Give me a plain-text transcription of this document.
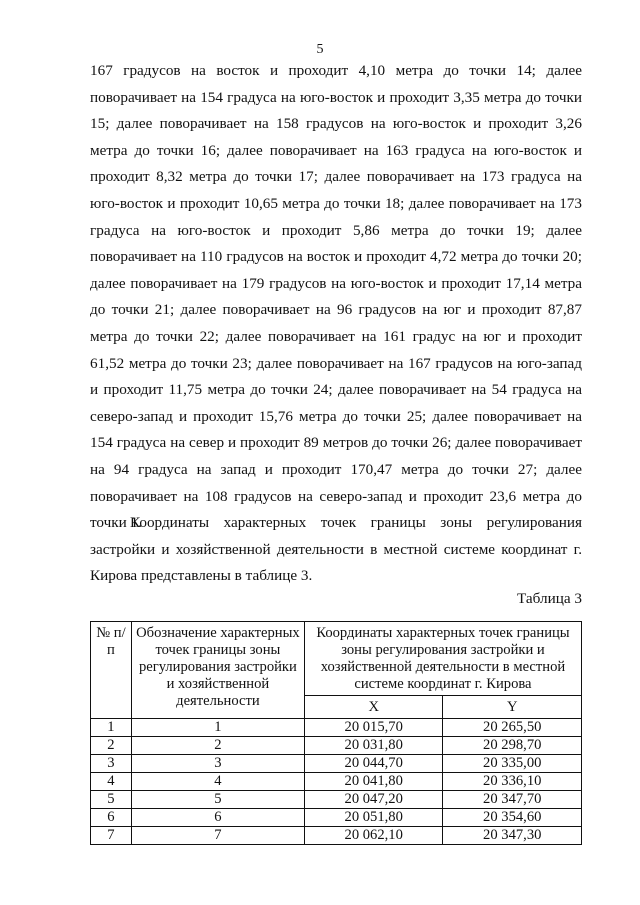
5

167 градусов на восток и проходит 4,10 метра до точки 14; далее поворачивает на 154 градуса на юго-восток и проходит 3,35 метра до точки 15; далее поворачивает на 158 градусов на юго-восток и проходит 3,26 метра до точки 16; далее поворачивает на 163 градуса на юго-восток и проходит 8,32 метра до точки 17; далее поворачивает на 173 градуса на юго-восток и проходит 10,65 метра до точки 18; далее поворачивает на 173 градуса на юго-восток и проходит 5,86 метра до точки 19; далее поворачивает на 110 градусов на восток и проходит 4,72 метра до точки 20; далее поворачивает на 179 градусов на юго-восток и проходит 17,14 метра до точки 21; далее поворачивает на 96 градусов на юг и проходит 87,87 метра до точки 22; далее поворачивает на 161 градус на юг и проходит 61,52 метра до точки 23; далее поворачивает на 167 градусов на юго-запад и проходит 11,75 метра до точки 24; далее поворачивает на 54 градуса на северо-запад и проходит 15,76 метра до точки 25; далее поворачивает на 154 градуса на север и проходит 89 метров до точки 26; далее поворачивает на 94 градуса на запад и проходит 170,47 метра до точки 27; далее поворачивает на 108 градусов на северо-запад и проходит 23,6 метра до точки 1.

Координаты характерных точек границы зоны регулирования застройки и хозяйственной деятельности в местной системе координат г. Кирова представлены в таблице 3.

Таблица 3
№ п/п	Обозначение характерных точек границы зоны регулирования застройки и хозяйственной деятельности	Координаты характерных точек границы зоны регулирования застройки и хозяйственной деятельности в местной системе координат г. Кирова	
		X	Y
1	1	20 015,70	20 265,50
2	2	20 031,80	20 298,70
3	3	20 044,70	20 335,00
4	4	20 041,80	20 336,10
5	5	20 047,20	20 347,70
6	6	20 051,80	20 354,60
7	7	20 062,10	20 347,30
